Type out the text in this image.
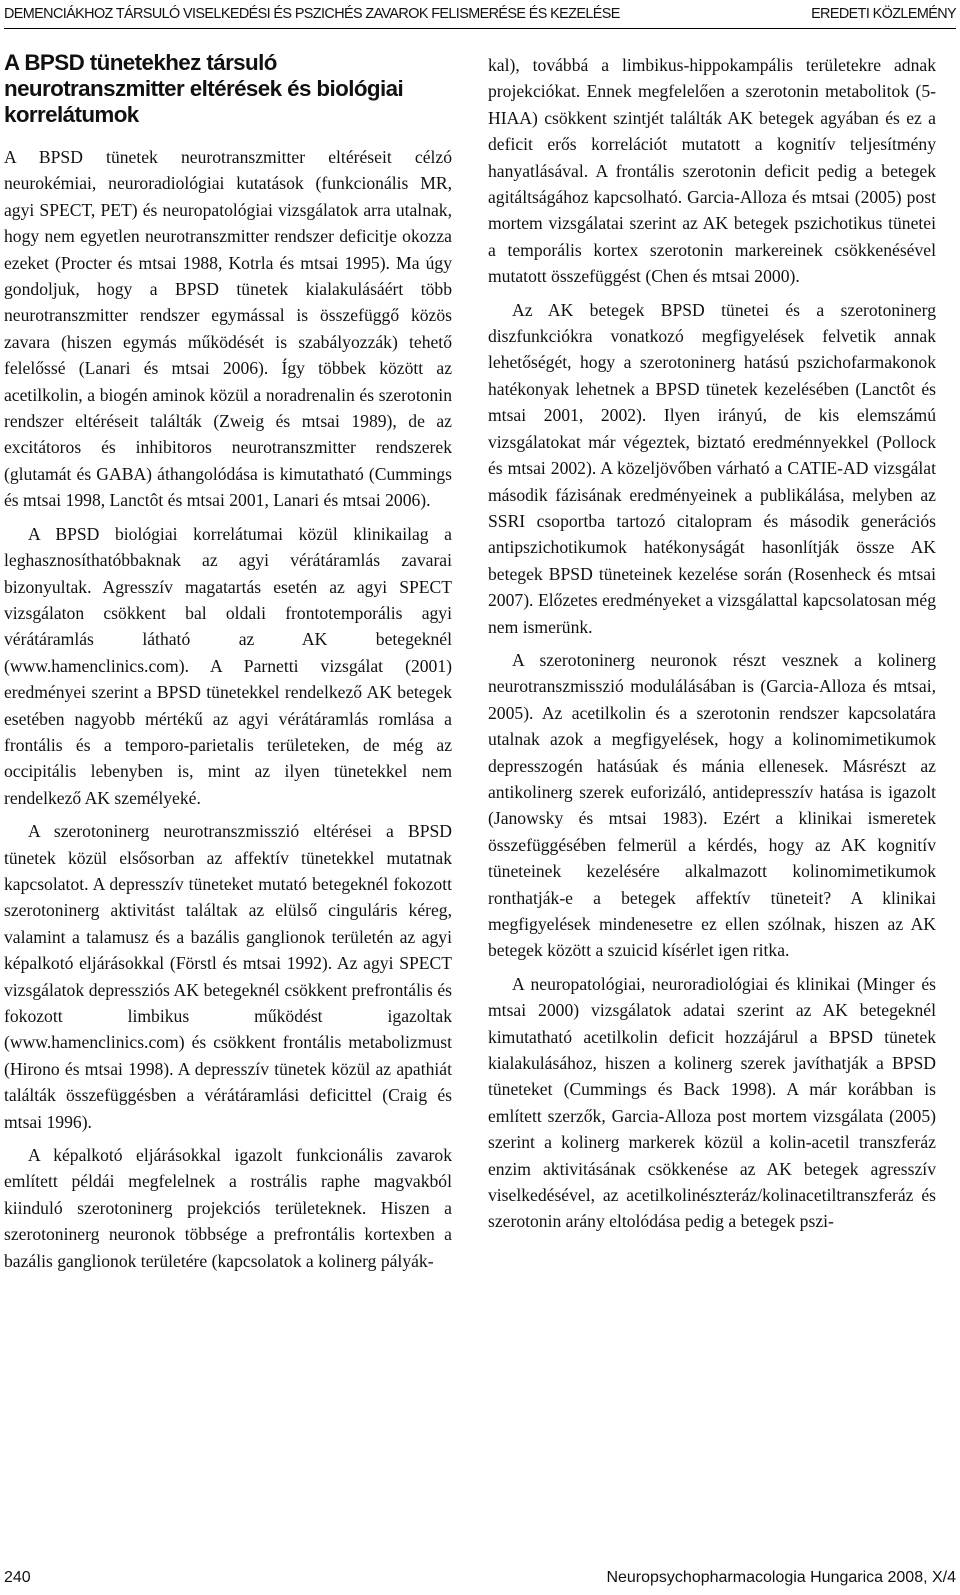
DEMENCIÁKHOZ TÁRSULÓ VISELKEDÉSI ÉS PSZICHÉS ZAVAROK FELISMERÉSE ÉS KEZELÉSE	EREDETI KÖZLEMÉNY
A BPSD tünetekhez társuló neurotranszmitter eltérések és biológiai korrelátumok

A BPSD tünetek neurotranszmitter eltéréseit célzó neurokémiai, neuroradiológiai kutatások (funkcionális MR, agyi SPECT, PET) és neuropatológiai vizsgálatok arra utalnak, hogy nem egyetlen neurotranszmitter rendszer deficitje okozza ezeket (Procter és mtsai 1988, Kotrla és mtsai 1995). Ma úgy gondoljuk, hogy a BPSD tünetek kialakulásáért több neurotranszmitter rendszer egymással is összefüggő közös zavara (hiszen egymás működését is szabályozzák) tehető felelőssé (Lanari és mtsai 2006). Így többek között az acetilkolin, a biogén aminok közül a noradrenalin és szerotonin rendszer eltéréseit találták (Zweig és mtsai 1989), de az excitátoros és inhibitoros neurotranszmitter rendszerek (glutamát és GABA) áthangolódása is kimutatható (Cummings és mtsai 1998, Lanctôt és mtsai 2001, Lanari és mtsai 2006).

A BPSD biológiai korrelátumai közül klinikailag a leghasznosíthatóbbaknak az agyi vérátáramlás zavarai bizonyultak. Agresszív magatartás esetén az agyi SPECT vizsgálaton csökkent bal oldali frontotemporális agyi vérátáramlás látható az AK betegeknél (www.hamenclinics.com). A Parnetti vizsgálat (2001) eredményei szerint a BPSD tünetekkel rendelkező AK betegek esetében nagyobb mértékű az agyi vérátáramlás romlása a frontális és a temporo-parietalis területeken, de még az occipitális lebenyben is, mint az ilyen tünetekkel nem rendelkező AK személyeké.

A szerotoninerg neurotranszmisszió eltérései a BPSD tünetek közül elsősorban az affektív tünetekkel mutatnak kapcsolatot. A depresszív tüneteket mutató betegeknél fokozott szerotoninerg aktivitást találtak az elülső cinguláris kéreg, valamint a talamusz és a bazális ganglionok területén az agyi képalkotó eljárásokkal (Förstl és mtsai 1992). Az agyi SPECT vizsgálatok depressziós AK betegeknél csökkent prefrontális és fokozott limbikus működést igazoltak (www.hamenclinics.com) és csökkent frontális metabolizmust (Hirono és mtsai 1998). A depresszív tünetek közül az apathiát találták összefüggésben a vérátáramlási deficittel (Craig és mtsai 1996).

A képalkotó eljárásokkal igazolt funkcionális zavarok említett példái megfelelnek a rostrális raphe magvakból kiinduló szerotoninerg projekciós területeknek. Hiszen a szerotoninerg neuronok többsége a prefrontális kortexben a bazális ganglionok területére (kapcsolatok a kolinerg pályák-

kal), továbbá a limbikus-hippokampális területekre adnak projekciókat. Ennek megfelelően a szerotonin metabolitok (5-HIAA) csökkent szintjét találták AK betegek agyában és ez a deficit erős korrelációt mutatott a kognitív teljesítmény hanyatlásával. A frontális szerotonin deficit pedig a betegek agitáltságához kapcsolható. Garcia-Alloza és mtsai (2005) post mortem vizsgálatai szerint az AK betegek pszichotikus tünetei a temporális kortex szerotonin markereinek csökkenésével mutatott összefüggést (Chen és mtsai 2000).

Az AK betegek BPSD tünetei és a szerotoninerg diszfunkciókra vonatkozó megfigyelések felvetik annak lehetőségét, hogy a szerotoninerg hatású pszichofarmakonok hatékonyak lehetnek a BPSD tünetek kezelésében (Lanctôt és mtsai 2001, 2002). Ilyen irányú, de kis elemszámú vizsgálatokat már végeztek, biztató eredménnyekkel (Pollock és mtsai 2002). A közeljövőben várható a CATIE-AD vizsgálat második fázisának eredményeinek a publikálása, melyben az SSRI csoportba tartozó citalopram és második generációs antipszichotikumok hatékonyságát hasonlítják össze AK betegek BPSD tüneteinek kezelése során (Rosenheck és mtsai 2007). Előzetes eredményeket a vizsgálattal kapcsolatosan még nem ismerünk.

A szerotoninerg neuronok részt vesznek a kolinerg neurotranszmisszió modulálásában is (Garcia-Alloza és mtsai, 2005). Az acetilkolin és a szerotonin rendszer kapcsolatára utalnak azok a megfigyelések, hogy a kolinomimetikumok depresszogén hatásúak és mánia ellenesek. Másrészt az antikolinerg szerek euforizáló, antidepresszív hatása is igazolt (Janowsky és mtsai 1983). Ezért a klinikai ismeretek összefüggésében felmerül a kérdés, hogy az AK kognitív tüneteinek kezelésére alkalmazott kolinomimetikumok ronthatják-e a betegek affektív tüneteit? A klinikai megfigyelések mindenesetre ez ellen szólnak, hiszen az AK betegek között a szuicid kísérlet igen ritka.

A neuropatológiai, neuroradiológiai és klinikai (Minger és mtsai 2000) vizsgálatok adatai szerint az AK betegeknél kimutatható acetilkolin deficit hozzájárul a BPSD tünetek kialakulásához, hiszen a kolinerg szerek javíthatják a BPSD tüneteket (Cummings és Back 1998). A már korábban is említett szerzők, Garcia-Alloza post mortem vizsgálata (2005) szerint a kolinerg markerek közül a kolin-acetil transzferáz enzim aktivitásának csökkenése az AK betegek agresszív viselkedésével, az acetilkolinészteráz/kolinacetiltranszferáz és szerotonin arány eltolódása pedig a betegek pszi-

240	Neuropsychopharmacologia Hungarica 2008, X/4
